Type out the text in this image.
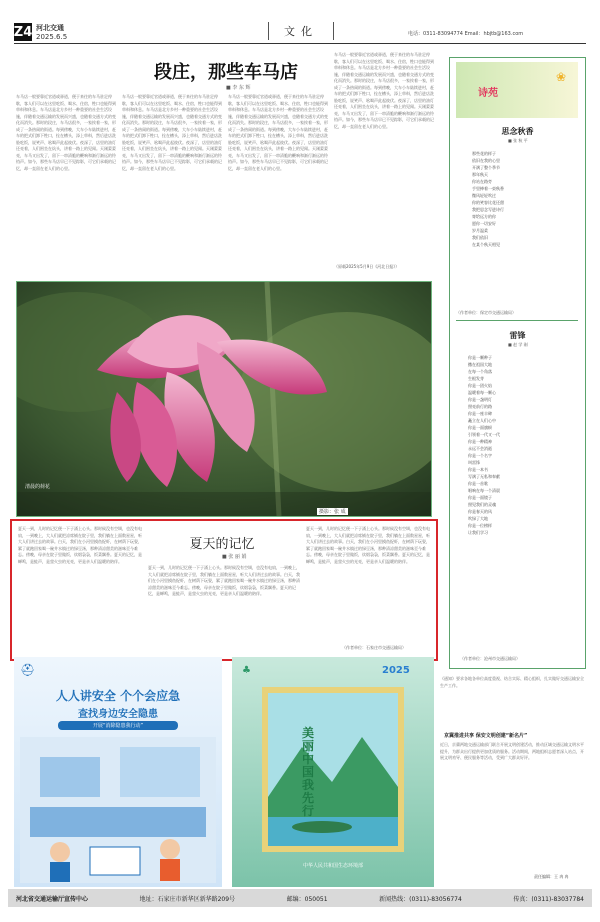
Z4 河北交通
2025.6.5	文化	电话：0311-83094774 Email：hbjtb@163.com
段庄，那些车马店
■ 李 东 辉
车马店一般要靠近官道或驿道，便于来往的车马驻足停歇，客人们可以在这里吃饭、喝水、住宿，牲口也能得到草料和休息。车马店是北方乡村一种重要的社会生活设施，伴随着交通运输的发展而兴盛，也随着交通方式的变化而消失。那时的段庄，车马店很多，一家挨着一家，形成了一条热闹的街道。每到傍晚，大车小车陆续进村，赶车的把式们卸下牲口，拴在槽头，添上草料，然后进店洗脸吃饭，说笑声、吆喝声此起彼伏。夜深了，店里的油灯还亮着，人们围坐在炕头，讲着一路上的见闻。天刚蒙蒙亮，车马又出发了，留下一串清脆的鞭响和渐行渐远的铃铛声。如今，那些车马店早已不见踪影，可它们承载的记忆，却一直留在老人们的心里。
车马店一般要靠近官道或驿道，便于来往的车马驻足停歇，客人们可以在这里吃饭、喝水、住宿，牲口也能得到草料和休息。车马店是北方乡村一种重要的社会生活设施，伴随着交通运输的发展而兴盛，也随着交通方式的变化而消失。那时的段庄，车马店很多，一家挨着一家，形成了一条热闹的街道。每到傍晚，大车小车陆续进村，赶车的把式们卸下牲口，拴在槽头，添上草料，然后进店洗脸吃饭，说笑声、吆喝声此起彼伏。夜深了，店里的油灯还亮着，人们围坐在炕头，讲着一路上的见闻。天刚蒙蒙亮，车马又出发了，留下一串清脆的鞭响和渐行渐远的铃铛声。如今，那些车马店早已不见踪影，可它们承载的记忆，却一直留在老人们的心里。
车马店一般要靠近官道或驿道，便于来往的车马驻足停歇，客人们可以在这里吃饭、喝水、住宿，牲口也能得到草料和休息。车马店是北方乡村一种重要的社会生活设施，伴随着交通运输的发展而兴盛，也随着交通方式的变化而消失。那时的段庄，车马店很多，一家挨着一家，形成了一条热闹的街道。每到傍晚，大车小车陆续进村，赶车的把式们卸下牲口，拴在槽头，添上草料，然后进店洗脸吃饭，说笑声、吆喝声此起彼伏。夜深了，店里的油灯还亮着，人们围坐在炕头，讲着一路上的见闻。天刚蒙蒙亮，车马又出发了，留下一串清脆的鞭响和渐行渐远的铃铛声。如今，那些车马店早已不见踪影，可它们承载的记忆，却一直留在老人们的心里。
车马店一般要靠近官道或驿道，便于来往的车马驻足停歇，客人们可以在这里吃饭、喝水、住宿，牲口也能得到草料和休息。车马店是北方乡村一种重要的社会生活设施，伴随着交通运输的发展而兴盛，也随着交通方式的变化而消失。那时的段庄，车马店很多，一家挨着一家，形成了一条热闹的街道。每到傍晚，大车小车陆续进村，赶车的把式们卸下牲口，拴在槽头，添上草料，然后进店洗脸吃饭，说笑声、吆喝声此起彼伏。夜深了，店里的油灯还亮着，人们围坐在炕头，讲着一路上的见闻。天刚蒙蒙亮，车马又出发了，留下一串清脆的鞭响和渐行渐远的铃铛声。如今，那些车马店早已不见踪影，可它们承载的记忆，却一直留在老人们的心里。
（原载2025年5月9日《河北日报》）
清晨的荷花
摄影：张 成
夏天一到，儿时的记忆便一下子涌上心头。那时候没有空调，也没有电扇，一到晚上，大人们就把凉席铺在院子里，我们躺在上面数星星，听大人们讲过去的故事。白天，我们在小河里摸鱼捉虾，在树荫下玩耍，累了就跑回家喝一碗井水镇过的绿豆汤，那种清凉甜美的滋味至今难忘。傍晚，母亲在院子里做饭，炊烟袅袅，饭菜飘香。夏天的记忆，是蝉鸣，是蛙声，是萤火虫的光亮，更是亲人们温暖的陪伴。
夏天的记忆
■ 张 丽 娟
夏天一到，儿时的记忆便一下子涌上心头。那时候没有空调，也没有电扇，一到晚上，大人们就把凉席铺在院子里，我们躺在上面数星星，听大人们讲过去的故事。白天，我们在小河里摸鱼捉虾，在树荫下玩耍，累了就跑回家喝一碗井水镇过的绿豆汤，那种清凉甜美的滋味至今难忘。傍晚，母亲在院子里做饭，炊烟袅袅，饭菜飘香。夏天的记忆，是蝉鸣，是蛙声，是萤火虫的光亮，更是亲人们温暖的陪伴。
夏天一到，儿时的记忆便一下子涌上心头。那时候没有空调，也没有电扇，一到晚上，大人们就把凉席铺在院子里，我们躺在上面数星星，听大人们讲过去的故事。白天，我们在小河里摸鱼捉虾，在树荫下玩耍，累了就跑回家喝一碗井水镇过的绿豆汤，那种清凉甜美的滋味至今难忘。傍晚，母亲在院子里做饭，炊烟袅袅，饭菜飘香。夏天的记忆，是蝉鸣，是蛙声，是萤火虫的光亮，更是亲人们温暖的陪伴。
（作者单位：石家庄市交通运输局）
诗苑
❀
思念秋香
■ 张 秋 平
那些花的样子
依旧在我的心里
开满了整个季节
那年秋天
你站在路旁
手里捧着一束秋香
微风轻轻吹过
你的笑容比花还甜
我把思念写进诗行
寄给远方的你
愿你一切安好
岁月温柔
我们依旧
在某个秋天相见
（作者单位：保定市交通运输局）
雷锋
■ 赵 学 刚
你是一颗种子
撒在祖国大地
在每一个角落
生根发芽
你是一团火焰
温暖着每一颗心
你是一盏明灯
照亮前行的路
你是一座丰碑
矗立在人们心中
你是一面旗帜
引领着一代又一代
你是一种精神
永远不会消逝
你是一个名字
叫雷锋
你是一本书
写满了无私和奉献
你是一首歌
唱响在每一个清晨
你是一面镜子
照见我们的灵魂
你是春天的风
吹绿了大地
你是一位榜样
让我们学习
（作者单位：沧州市交通运输局）
《通知》要求各地各单位高度重视、结合实际、精心组织，扎实做好交通运输安全生产工作。
京冀推进共享 保安文明创建“新名片”
近日，京冀两地交通运输部门联合开展文明创建活动，推动区域交通运输文明水平提升，为群众出行提供更加优质的服务。活动期间，两地组织志愿者深入站点，开展文明劝导、便民服务等活动，受到广大群众好评。
责任编辑：王 冉 冉
⛑
人人讲安全 个个会应急
查找身边安全隐患
开展“消除隐患我行动”
♣	2025
美丽中国我先行
中华人民共和国生态环境部
河北省交通运输厅宣传中心	地址：石家庄市新华区新华路209号	邮编：050051	新闻热线：(0311)-83056774	传真：(0311)-83037784
